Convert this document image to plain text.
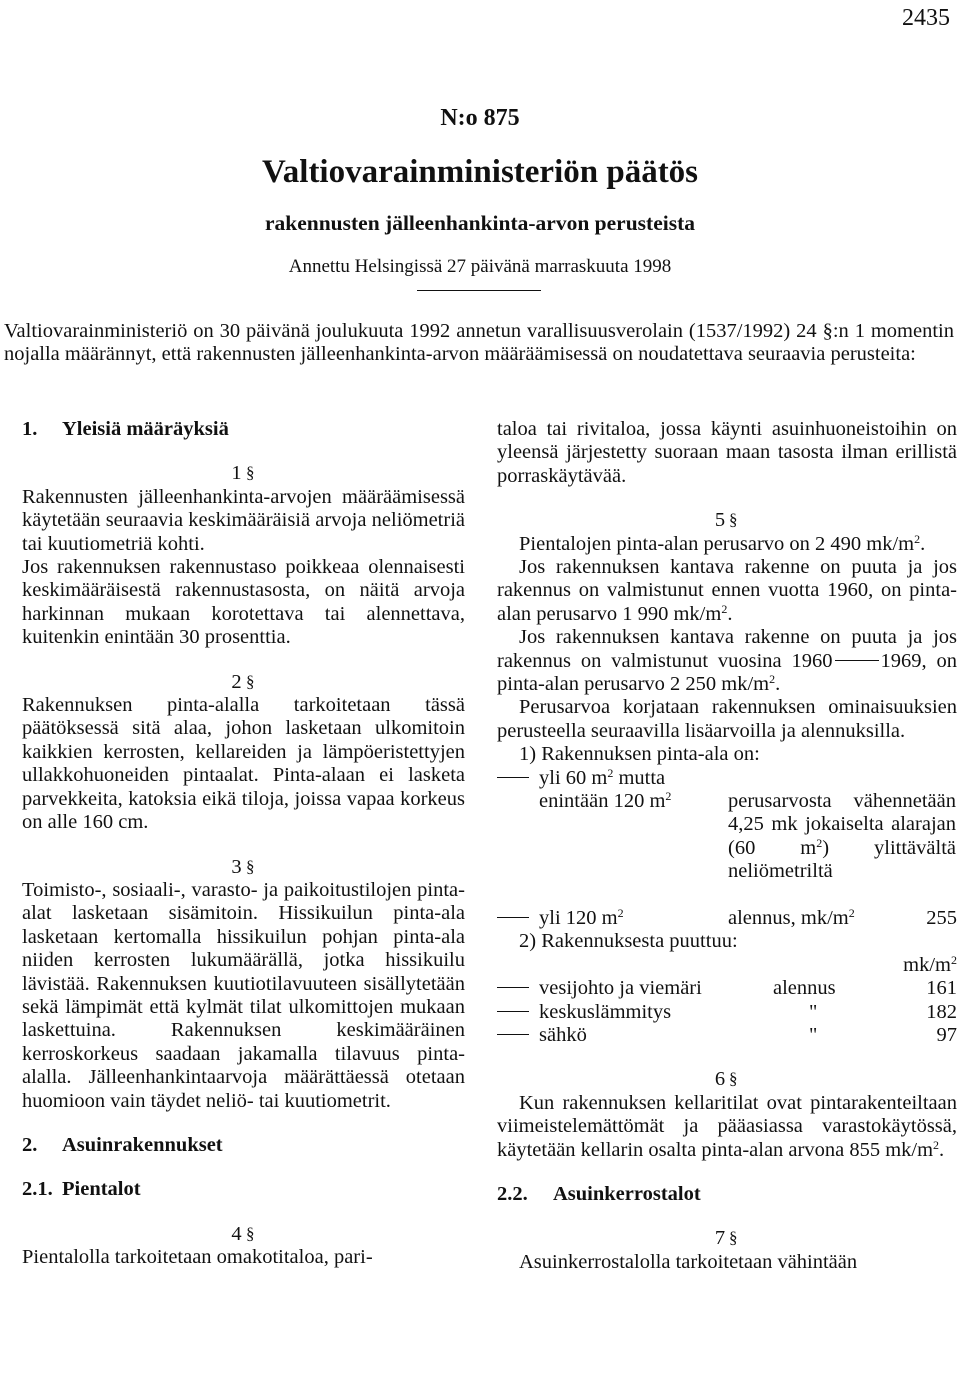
2435
N:o 875
Valtiovarainministeriön päätös
rakennusten jälleenhankinta-arvon perusteista
Annettu Helsingissä 27 päivänä marraskuuta 1998

Valtiovarainministeriö on 30 päivänä joulukuuta 1992 annetun varallisuusverolain (1537/1992) 24 §:n 1 momentin nojalla määrännyt, että rakennusten jälleenhankinta-arvon määräämisessä on noudatettava seuraavia perusteita:

1. Yleisiä määräyksiä

1 §

Rakennusten jälleenhankinta-arvojen määräämisessä käytetään seuraavia keskimääräisiä arvoja neliömetriä tai kuutiometriä kohti.

Jos rakennuksen rakennustaso poikkeaa olennaisesti keskimääräisestä rakennustasosta, on näitä arvoja harkinnan mukaan korotettava tai alennettava, kuitenkin enintään 30 prosenttia.

2 §

Rakennuksen pinta-alalla tarkoitetaan tässä päätöksessä sitä alaa, johon lasketaan ulkomitoin kaikkien kerrosten, kellareiden ja lämpöeristettyjen ullakkohuoneiden pintaalat. Pinta-alaan ei lasketa parvekkeita, katoksia eikä tiloja, joissa vapaa korkeus on alle 160 cm.

3 §

Toimisto-, sosiaali-, varasto- ja paikoitustilojen pinta-alat lasketaan sisämitoin. Hissikuilun pinta-ala lasketaan kertomalla hissikuilun pohjan pinta-ala niiden kerrosten lukumäärällä, jotka hissikuilu lävistää. Rakennuksen kuutiotilavuuteen sisällytetään sekä lämpimät että kylmät tilat ulkomittojen mukaan laskettuina. Rakennuksen keskimääräinen kerroskorkeus saadaan jakamalla tilavuus pinta-alalla. Jälleenhankintaarvoja määrättäessä otetaan huomioon vain täydet neliö- tai kuutiometrit.

2. Asuinrakennukset

2.1. Pientalot

4 §

Pientalolla tarkoitetaan omakotitaloa, pari-

taloa tai rivitaloa, jossa käynti asuinhuoneistoihin on yleensä järjestetty suoraan maan tasosta ilman erillistä porraskäytävää.

5 §

Pientalojen pinta-alan perusarvo on 2 490 $mk/m^2$.

Jos rakennuksen kantava rakenne on puuta ja jos rakennus on valmistunut ennen vuotta 1960, on pinta-alan perusarvo 1 990 $mk/m^2$.

Jos rakennuksen kantava rakenne on puuta ja jos rakennus on valmistunut vuosina 1960 1969, on pinta-alan perusarvo 2 250 $mk/m^2$.

Perusarvoa korjataan rakennuksen ominaisuuksien perusteella seuraavilla lisäarvoilla ja alennuksilla.

1) Rakennuksen pinta-ala on:

yli 60 $m^2$ mutta
enintään 120 $m^2$	perusarvosta vähennetään 4,25 mk jokaiselta alarajan (60 $m^2$) ylittävältä neliömetriltä
yli 120 $m^2$	alennus, $mk/m^2$	255

2) Rakennuksesta puuttuu:

$mk/m^2$
vesijohto ja viemäri	alennus	161
keskuslämmitys	"	182
sähkö	"	97

6 §

Kun rakennuksen kellaritilat ovat pintarakenteiltaan viimeistelemättömät ja pääasiassa varastokäytössä, käytetään kellarin osalta pinta-alan arvona 855 $mk/m^2$.

2.2. Asuinkerrostalot

7 §

Asuinkerrostalolla tarkoitetaan vähintään
